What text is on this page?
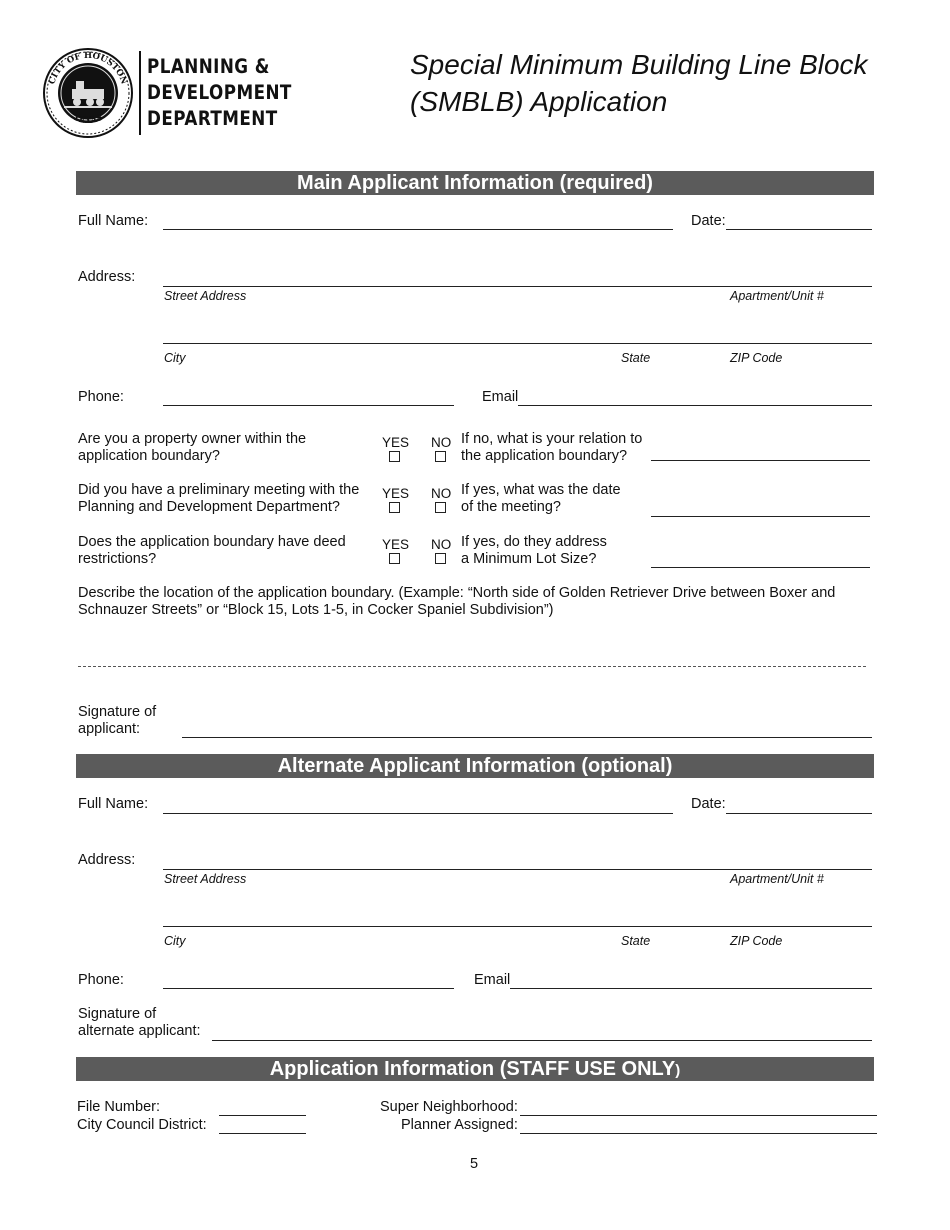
CITY OF HOUSTON
TEXAS
PLANNING &
DEVELOPMENT
DEPARTMENT
Special Minimum Building Line Block
(SMBLB) Application
Main Applicant Information (required)
Full Name:	Date:
Address:
Street Address	Apartment/Unit #
City	State	ZIP Code
Phone:	Email
Are you a property owner within the
application boundary?
YES NO If no, what is your relation to
the application boundary?
Did you have a preliminary meeting with the
Planning and Development Department?
YES NO If yes, what was the date
of the meeting?
Does the application boundary have deed
restrictions?
YES NO If yes, do they address
a Minimum Lot Size?
Describe the location of the application boundary. (Example: “North side of Golden Retriever Drive between Boxer and
Schnauzer Streets” or “Block 15, Lots 1-5, in Cocker Spaniel Subdivision”)
Signature of
applicant:
Alternate Applicant Information (optional)
Full Name:	Date:
Address:
Street Address	Apartment/Unit #
City	State	ZIP Code
Phone:	Email
Signature of
alternate applicant:
Application Information (STAFF USE ONLY)
File Number:
City Council District:
Super Neighborhood:
Planner Assigned:
5
